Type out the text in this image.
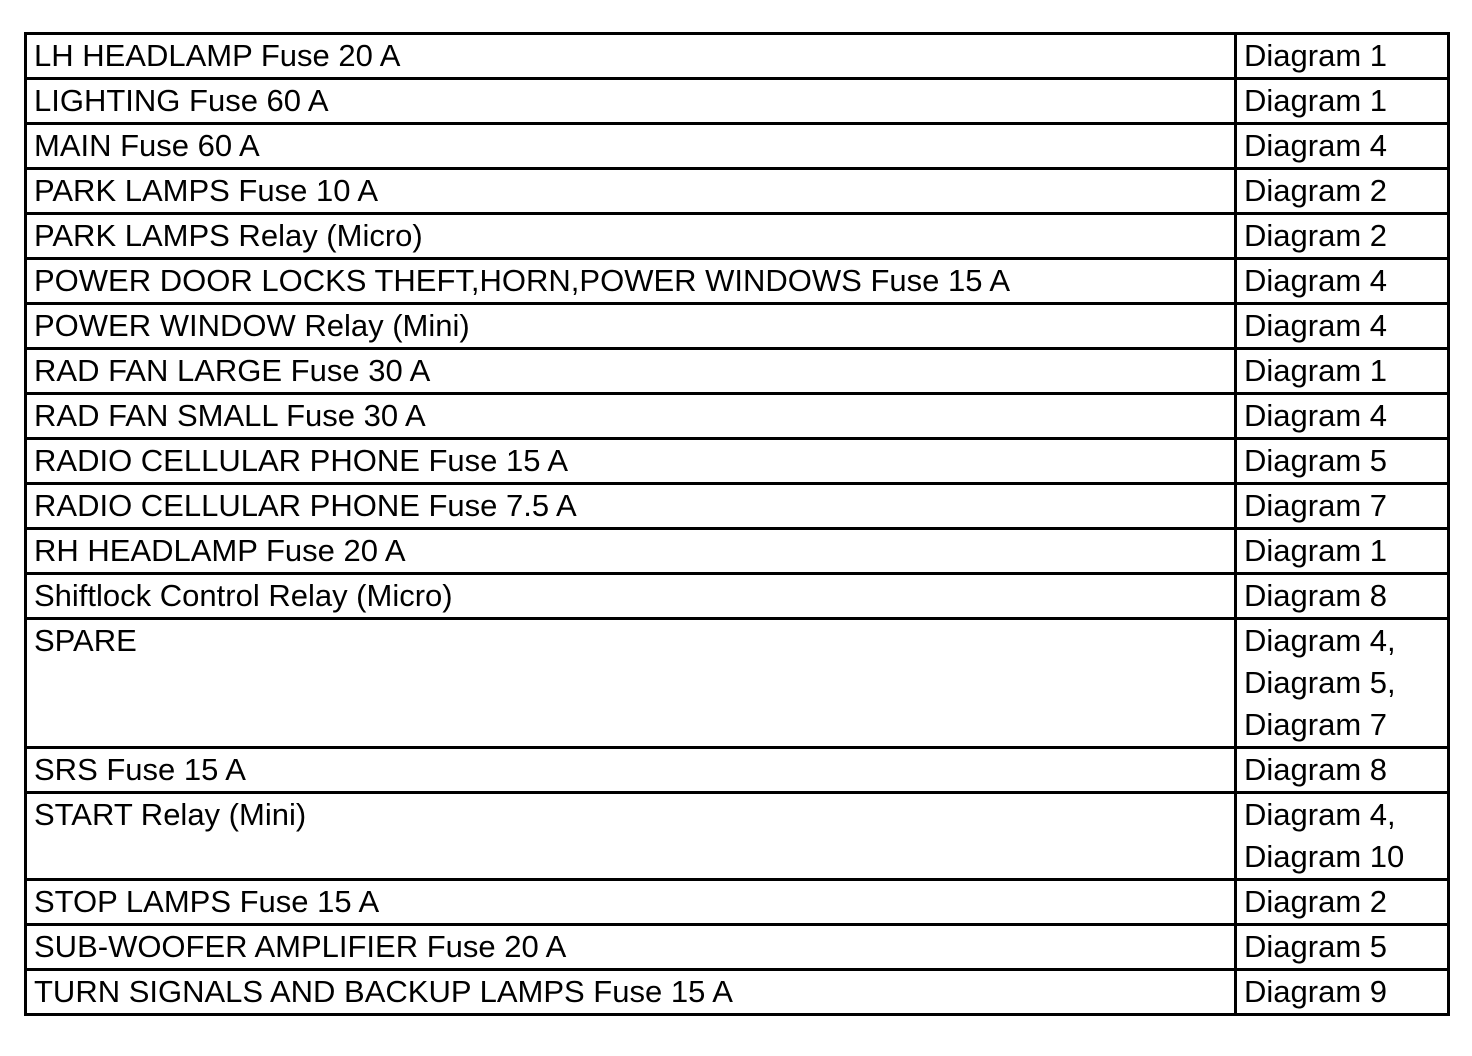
LH HEADLAMP Fuse 20 A	Diagram 1

LIGHTING Fuse 60 A	Diagram 1

MAIN Fuse 60 A	Diagram 4

PARK LAMPS Fuse 10 A	Diagram 2

PARK LAMPS Relay (Micro)	Diagram 2

POWER DOOR LOCKS THEFT,HORN,POWER WINDOWS Fuse 15 A	Diagram 4

POWER WINDOW Relay (Mini)	Diagram 4

RAD FAN LARGE Fuse 30 A	Diagram 1

RAD FAN SMALL Fuse 30 A	Diagram 4

RADIO CELLULAR PHONE Fuse 15 A	Diagram 5

RADIO CELLULAR PHONE Fuse 7.5 A	Diagram 7

RH HEADLAMP Fuse 20 A	Diagram 1

Shiftlock Control Relay (Micro)	Diagram 8

SPARE	Diagram 4,
Diagram 5,
Diagram 7

SRS Fuse 15 A	Diagram 8

START Relay (Mini)	Diagram 4,
Diagram 10

STOP LAMPS Fuse 15 A	Diagram 2

SUB-WOOFER AMPLIFIER Fuse 20 A	Diagram 5

TURN SIGNALS AND BACKUP LAMPS Fuse 15 A	Diagram 9
